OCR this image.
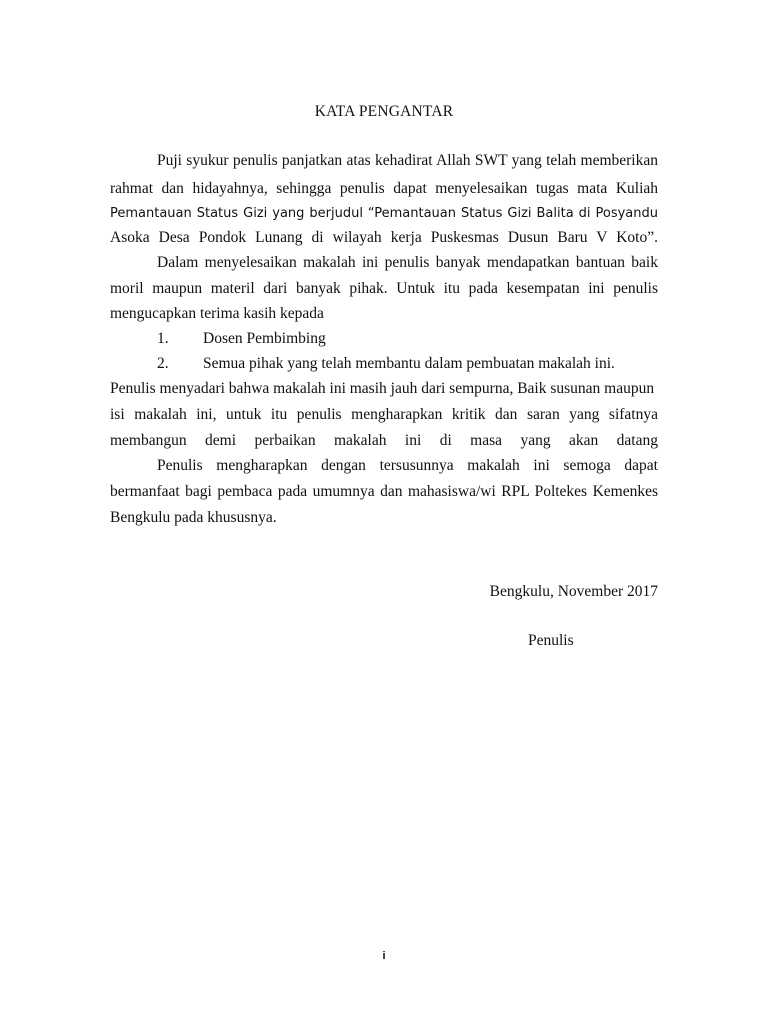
KATA PENGANTAR
Puji syukur penulis panjatkan atas kehadirat Allah SWT yang telah memberikan
rahmat dan hidayahnya, sehingga penulis dapat menyelesaikan tugas mata Kuliah
Pemantauan Status Gizi yang berjudul “Pemantauan Status Gizi Balita di Posyandu
Asoka Desa Pondok Lunang di wilayah kerja Puskesmas Dusun Baru V Koto”.
Dalam menyelesaikan makalah ini penulis banyak mendapatkan bantuan baik
moril maupun materil dari banyak pihak. Untuk itu pada kesempatan ini penulis
mengucapkan terima kasih kepada
1. Dosen Pembimbing
2. Semua pihak yang telah membantu dalam pembuatan makalah ini.
Penulis menyadari bahwa makalah ini masih jauh dari sempurna, Baik susunan maupun
isi makalah ini, untuk itu penulis mengharapkan kritik dan saran yang sifatnya
membangun demi perbaikan makalah ini di masa yang akan datang
Penulis mengharapkan dengan tersusunnya makalah ini semoga dapat
bermanfaat bagi pembaca pada umumnya dan mahasiswa/wi RPL Poltekes Kemenkes
Bengkulu pada khususnya.
Bengkulu, November 2017
Penulis
i
